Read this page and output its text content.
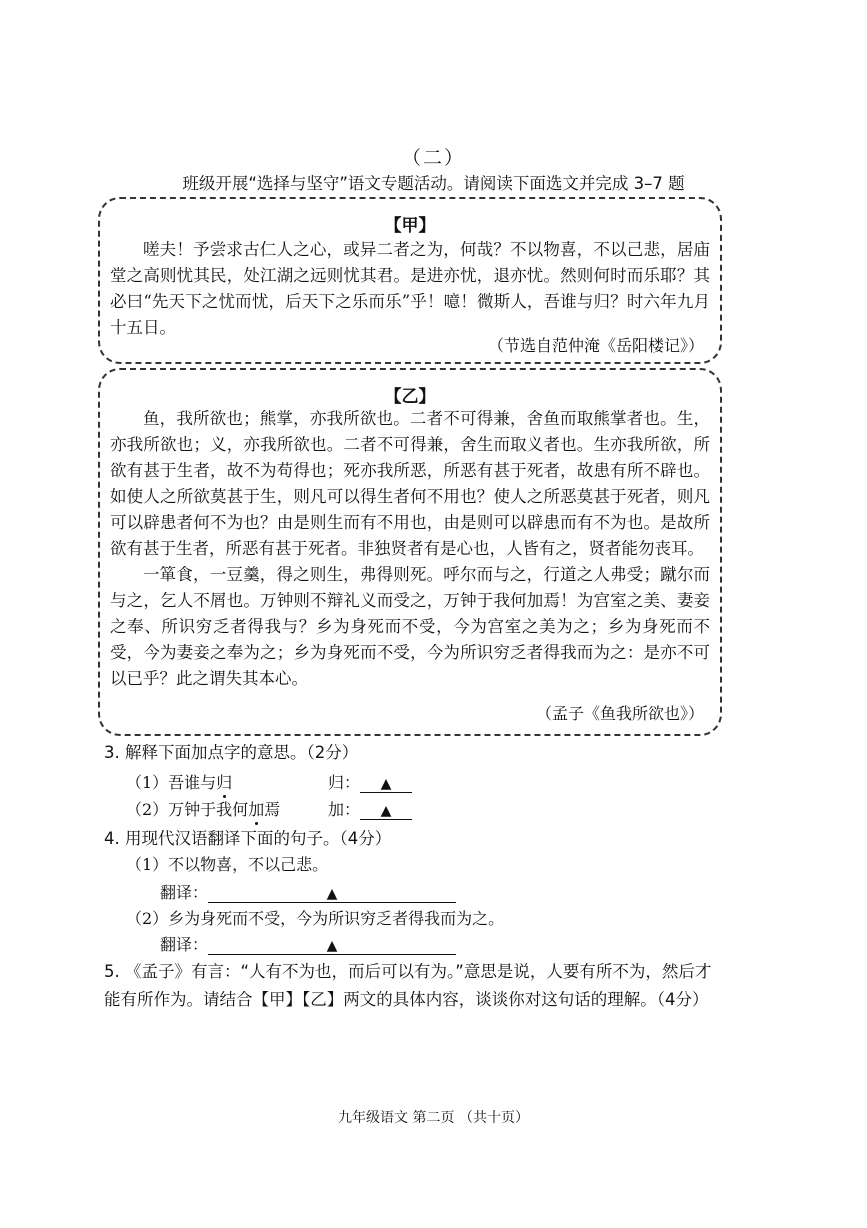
（二）
班级开展“选择与坚守”语文专题活动。请阅读下面选文并完成 3–7 题
【甲】

嗟夫！予尝求古仁人之心，或异二者之为，何哉？不以物喜，不以己悲，居庙堂之高则忧其民，处江湖之远则忧其君。是进亦忧，退亦忧。然则何时而乐耶？其必曰“先天下之忧而忧，后天下之乐而乐”乎！噫！微斯人，吾谁与归？时六年九月十五日。

（节选自范仲淹《岳阳楼记》）
【乙】

鱼，我所欲也；熊掌，亦我所欲也。二者不可得兼，舍鱼而取熊掌者也。生，亦我所欲也；义，亦我所欲也。二者不可得兼，舍生而取义者也。生亦我所欲，所欲有甚于生者，故不为苟得也；死亦我所恶，所恶有甚于死者，故患有所不辟也。如使人之所欲莫甚于生，则凡可以得生者何不用也？使人之所恶莫甚于死者，则凡可以辟患者何不为也？由是则生而有不用也，由是则可以辟患而有不为也。是故所欲有甚于生者，所恶有甚于死者。非独贤者有是心也，人皆有之，贤者能勿丧耳。

一箪食，一豆羹，得之则生，弗得则死。呼尔而与之，行道之人弗受；蹴尔而与之，乞人不屑也。万钟则不辩礼义而受之，万钟于我何加焉！为宫室之美、妻妾之奉、所识穷乏者得我与？乡为身死而不受，今为宫室之美为之；乡为身死而不受，今为妻妾之奉为之；乡为身死而不受，今为所识穷乏者得我而为之：是亦不可以已乎？此之谓失其本心。

（孟子《鱼我所欲也》）
3. 解释下面加点字的意思。（2分）
（1）吾谁与归	归： ▲
（2）万钟于我何加焉	加： ▲
4. 用现代汉语翻译下面的句子。（4分）
（1）不以物喜，不以己悲。
翻译：	▲
（2）乡为身死而不受，今为所识穷乏者得我而为之。
翻译：	▲
5. 《孟子》有言：“人有不为也，而后可以有为。”意思是说，人要有所不为，然后才能有所作为。请结合【甲】【乙】两文的具体内容，谈谈你对这句话的理解。（4分）
九年级语文 第二页 （共十页）
